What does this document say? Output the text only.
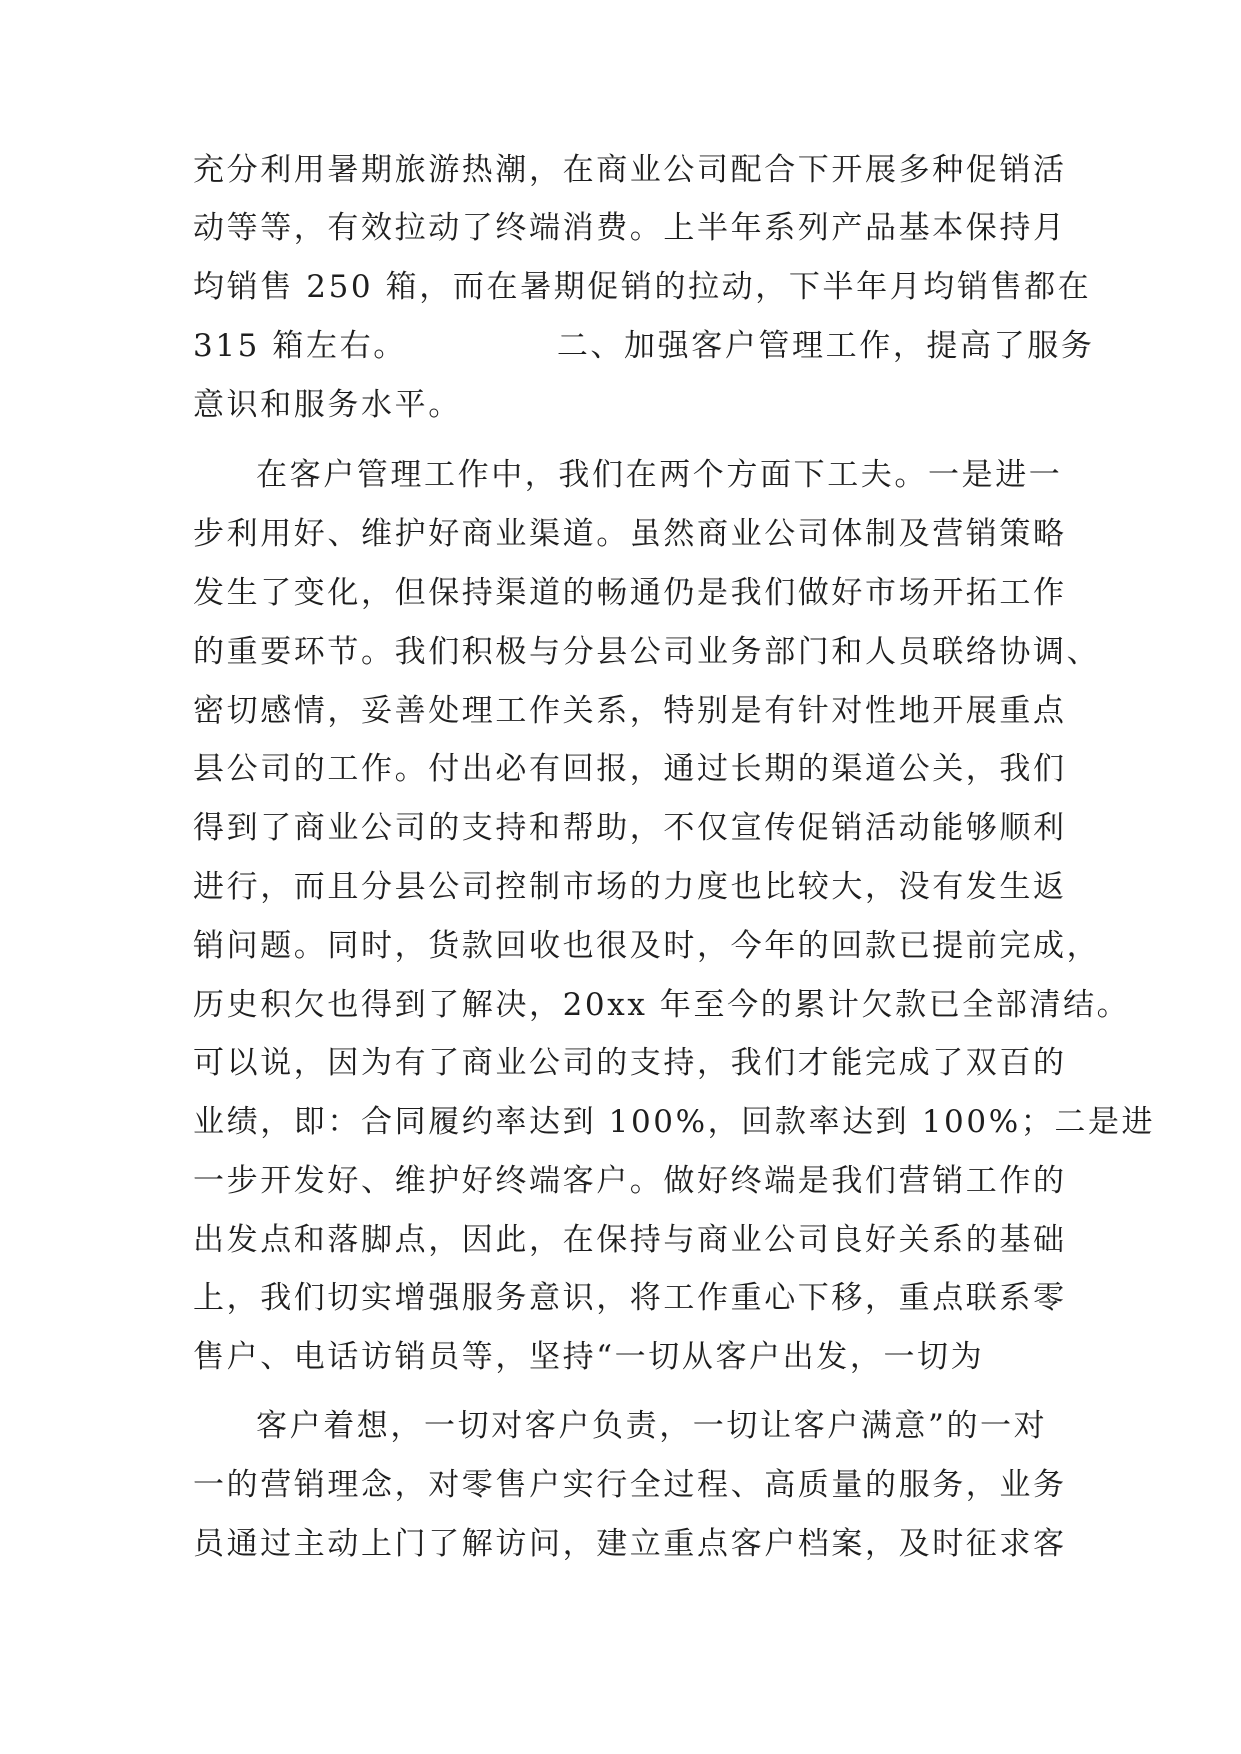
充分利用暑期旅游热潮，在商业公司配合下开展多种促销活

动等等，有效拉动了终端消费。上半年系列产品基本保持月

均销售 250 箱，而在暑期促销的拉动，下半年月均销售都在

315 箱左右。	二、加强客户管理工作，提高了服务

意识和服务水平。

在客户管理工作中，我们在两个方面下工夫。一是进一

步利用好、维护好商业渠道。虽然商业公司体制及营销策略

发生了变化，但保持渠道的畅通仍是我们做好市场开拓工作

的重要环节。我们积极与分县公司业务部门和人员联络协调、

密切感情，妥善处理工作关系，特别是有针对性地开展重点

县公司的工作。付出必有回报，通过长期的渠道公关，我们

得到了商业公司的支持和帮助，不仅宣传促销活动能够顺利

进行，而且分县公司控制市场的力度也比较大，没有发生返

销问题。同时，货款回收也很及时，今年的回款已提前完成，

历史积欠也得到了解决，20xx 年至今的累计欠款已全部清结。

可以说，因为有了商业公司的支持，我们才能完成了双百的

业绩，即：合同履约率达到 100%，回款率达到 100%；二是进

一步开发好、维护好终端客户。做好终端是我们营销工作的

出发点和落脚点，因此，在保持与商业公司良好关系的基础

上，我们切实增强服务意识，将工作重心下移，重点联系零

售户、电话访销员等，坚持“一切从客户出发，一切为

客户着想，一切对客户负责，一切让客户满意”的一对

一的营销理念，对零售户实行全过程、高质量的服务，业务

员通过主动上门了解访问，建立重点客户档案，及时征求客
